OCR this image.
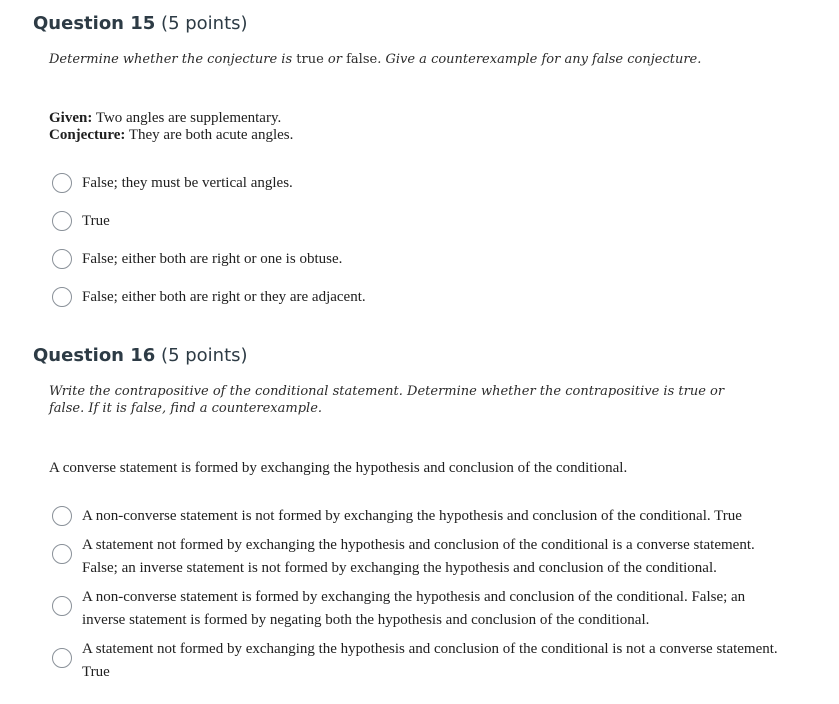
Question 15 (5 points)
Determine whether the conjecture is true or false. Give a counterexample for any false conjecture.
Given: Two angles are supplementary.
Conjecture: They are both acute angles.
False; they must be vertical angles.
True
False; either both are right or one is obtuse.
False; either both are right or they are adjacent.
Question 16 (5 points)
Write the contrapositive of the conditional statement. Determine whether the contrapositive is true or false. If it is false, find a counterexample.
A converse statement is formed by exchanging the hypothesis and conclusion of the conditional.
A non-converse statement is not formed by exchanging the hypothesis and conclusion of the conditional. True
A statement not formed by exchanging the hypothesis and conclusion of the conditional is a converse statement. False; an inverse statement is not formed by exchanging the hypothesis and conclusion of the conditional.
A non-converse statement is formed by exchanging the hypothesis and conclusion of the conditional. False; an inverse statement is formed by negating both the hypothesis and conclusion of the conditional.
A statement not formed by exchanging the hypothesis and conclusion of the conditional is not a converse statement. True
